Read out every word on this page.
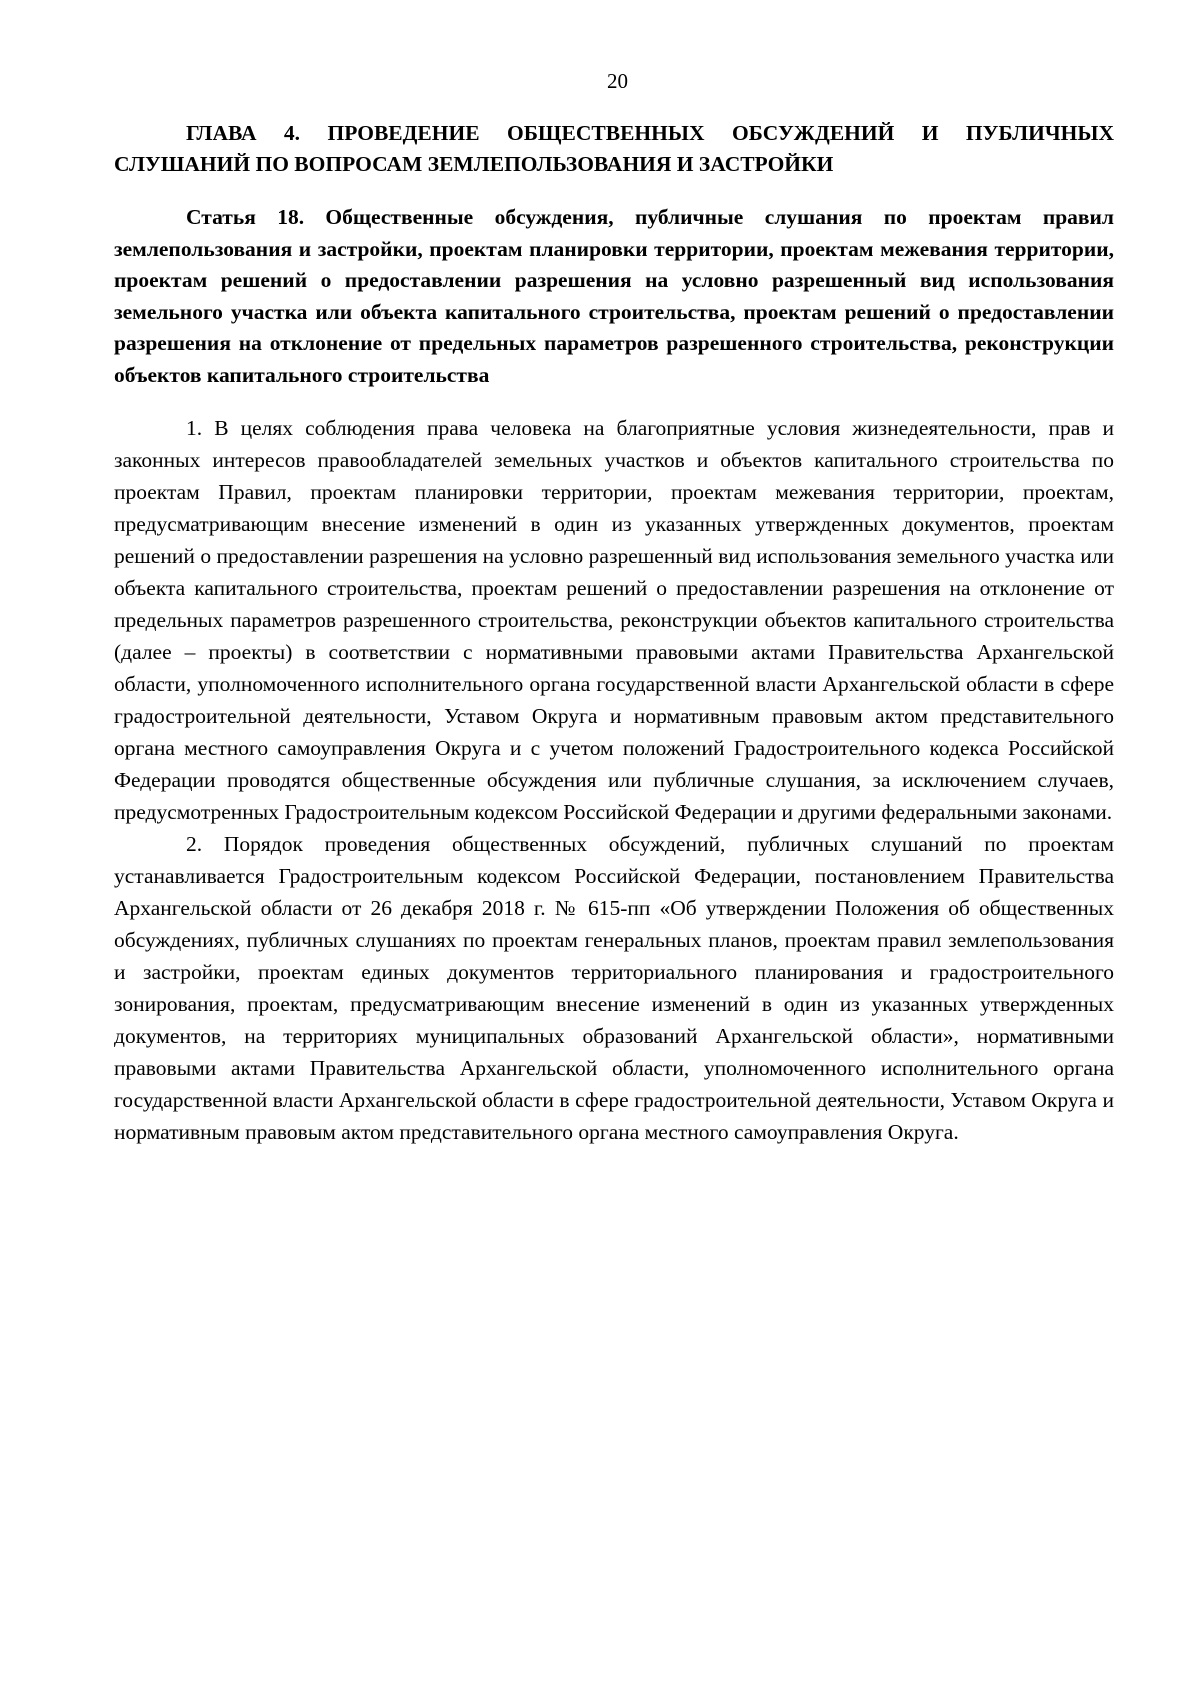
20

ГЛАВА 4. ПРОВЕДЕНИЕ ОБЩЕСТВЕННЫХ ОБСУЖДЕНИЙ И ПУБЛИЧНЫХ СЛУШАНИЙ ПО ВОПРОСАМ ЗЕМЛЕПОЛЬЗОВАНИЯ И ЗАСТРОЙКИ

Статья 18. Общественные обсуждения, публичные слушания по проектам правил землепользования и застройки, проектам планировки территории, проектам межевания территории, проектам решений о предоставлении разрешения на условно разрешенный вид использования земельного участка или объекта капитального строительства, проектам решений о предоставлении разрешения на отклонение от предельных параметров разрешенного строительства, реконструкции объектов капитального строительства

1. В целях соблюдения права человека на благоприятные условия жизнедеятельности, прав и законных интересов правообладателей земельных участков и объектов капитального строительства по проектам Правил, проектам планировки территории, проектам межевания территории, проектам, предусматривающим внесение изменений в один из указанных утвержденных документов, проектам решений о предоставлении разрешения на условно разрешенный вид использования земельного участка или объекта капитального строительства, проектам решений о предоставлении разрешения на отклонение от предельных параметров разрешенного строительства, реконструкции объектов капитального строительства (далее – проекты) в соответствии с нормативными правовыми актами Правительства Архангельской области, уполномоченного исполнительного органа государственной власти Архангельской области в сфере градостроительной деятельности, Уставом Округа и нормативным правовым актом представительного органа местного самоуправления Округа и с учетом положений Градостроительного кодекса Российской Федерации проводятся общественные обсуждения или публичные слушания, за исключением случаев, предусмотренных Градостроительным кодексом Российской Федерации и другими федеральными законами.

2. Порядок проведения общественных обсуждений, публичных слушаний по проектам устанавливается Градостроительным кодексом Российской Федерации, постановлением Правительства Архангельской области от 26 декабря 2018 г. № 615-пп «Об утверждении Положения об общественных обсуждениях, публичных слушаниях по проектам генеральных планов, проектам правил землепользования и застройки, проектам единых документов территориального планирования и градостроительного зонирования, проектам, предусматривающим внесение изменений в один из указанных утвержденных документов, на территориях муниципальных образований Архангельской области», нормативными правовыми актами Правительства Архангельской области, уполномоченного исполнительного органа государственной власти Архангельской области в сфере градостроительной деятельности, Уставом Округа и нормативным правовым актом представительного органа местного самоуправления Округа.
